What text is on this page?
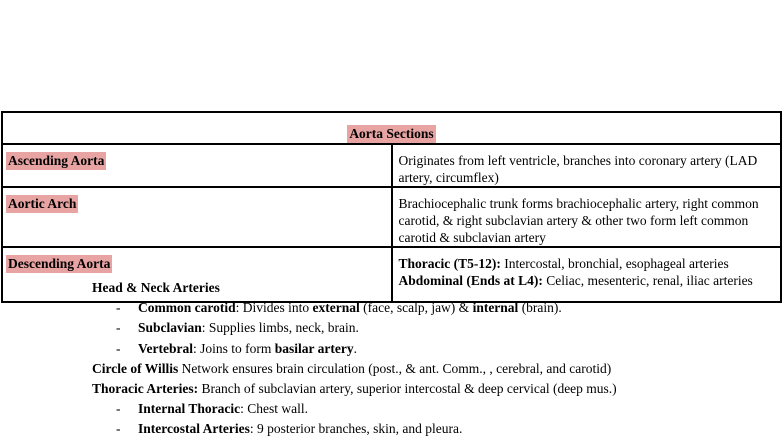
Aorta Sections	
Ascending Aorta	Originates from left ventricle, branches into coronary artery (LAD artery, circumflex)
Aortic Arch	Brachiocephalic trunk forms brachiocephalic artery, right common carotid, & right subclavian artery & other two form left common carotid & subclavian artery
Descending Aorta	Thoracic (T5-12): Intercostal, bronchial, esophageal arteries
Abdominal (Ends at L4): Celiac, mesenteric, renal, iliac arteries
Head & Neck Arteries
- Common carotid: Divides into external (face, scalp, jaw) & internal (brain).
- Subclavian: Supplies limbs, neck, brain.
- Vertebral: Joins to form basilar artery.
Circle of Willis Network ensures brain circulation (post., & ant. Comm., , cerebral, and carotid)
Thoracic Arteries: Branch of subclavian artery, superior intercostal & deep cervical (deep mus.)
- Internal Thoracic: Chest wall.
- Intercostal Arteries: 9 posterior branches, skin, and pleura.
